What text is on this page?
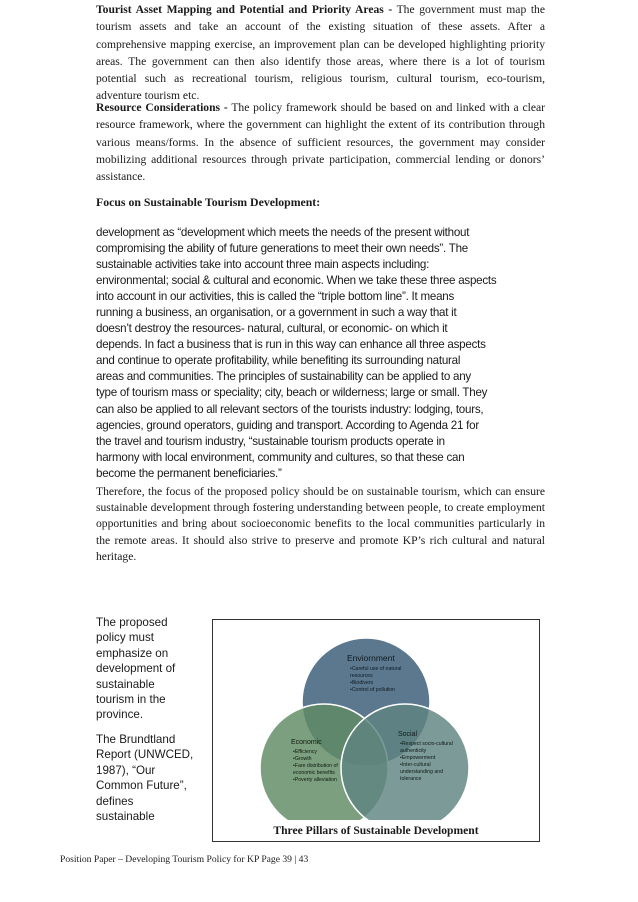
Tourist Asset Mapping and Potential and Priority Areas - The government must map the tourism assets and take an account of the existing situation of these assets. After a comprehensive mapping exercise, an improvement plan can be developed highlighting priority areas. The government can then also identify those areas, where there is a lot of tourism potential such as recreational tourism, religious tourism, cultural tourism, eco-tourism, adventure tourism etc.

Resource Considerations - The policy framework should be based on and linked with a clear resource framework, where the government can highlight the extent of its contribution through various means/forms. In the absence of sufficient resources, the government may consider mobilizing additional resources through private participation, commercial lending or donors’ assistance.

Focus on Sustainable Tourism Development:

development as “development which meets the needs of the present without
compromising the ability of future generations to meet their own needs”. The
sustainable activities take into account three main aspects including:
environmental; social & cultural and economic. When we take these three aspects
into account in our activities, this is called the “triple bottom line”. It means
running a business, an organisation, or a government in such a way that it
doesn’t destroy the resources- natural, cultural, or economic- on which it
depends. In fact a business that is run in this way can enhance all three aspects
and continue to operate profitability, while benefiting its surrounding natural
areas and communities. The principles of sustainability can be applied to any
type of tourism mass or speciality; city, beach or wilderness; large or small. They
can also be applied to all relevant sectors of the tourists industry: lodging, tours,
agencies, ground operators, guiding and transport. According to Agenda 21 for
the travel and tourism industry, “sustainable tourism products operate in
harmony with local environment, community and cultures, so that these can
become the permanent beneficiaries.”

Therefore, the focus of the proposed policy should be on sustainable tourism, which can ensure sustainable development through fostering understanding between people, to create employment opportunities and bring about socioeconomic benefits to the local communities particularly in the remote areas. It should also strive to preserve and promote KP’s rich cultural and natural heritage.

The proposed
policy must
emphasize on
development of
sustainable
tourism in the
province.
The Brundtland
Report (UNWCED,
1987), “Our
Common Future”,
defines
sustainable
Enviornment
•Careful use of natural
resources
•Biodivers
•Control of pollution
Economic
•Efficiency
•Growth
•Fare distribution of
economic benefits
•Poverty alleviation
Social
•Respect socio-cultural
authenticity
•Empowerment
•Inter-cultural
understanding and
tolerance

Three Pillars of Sustainable Development

Position Paper – Developing Tourism Policy for KP Page 39 | 43
